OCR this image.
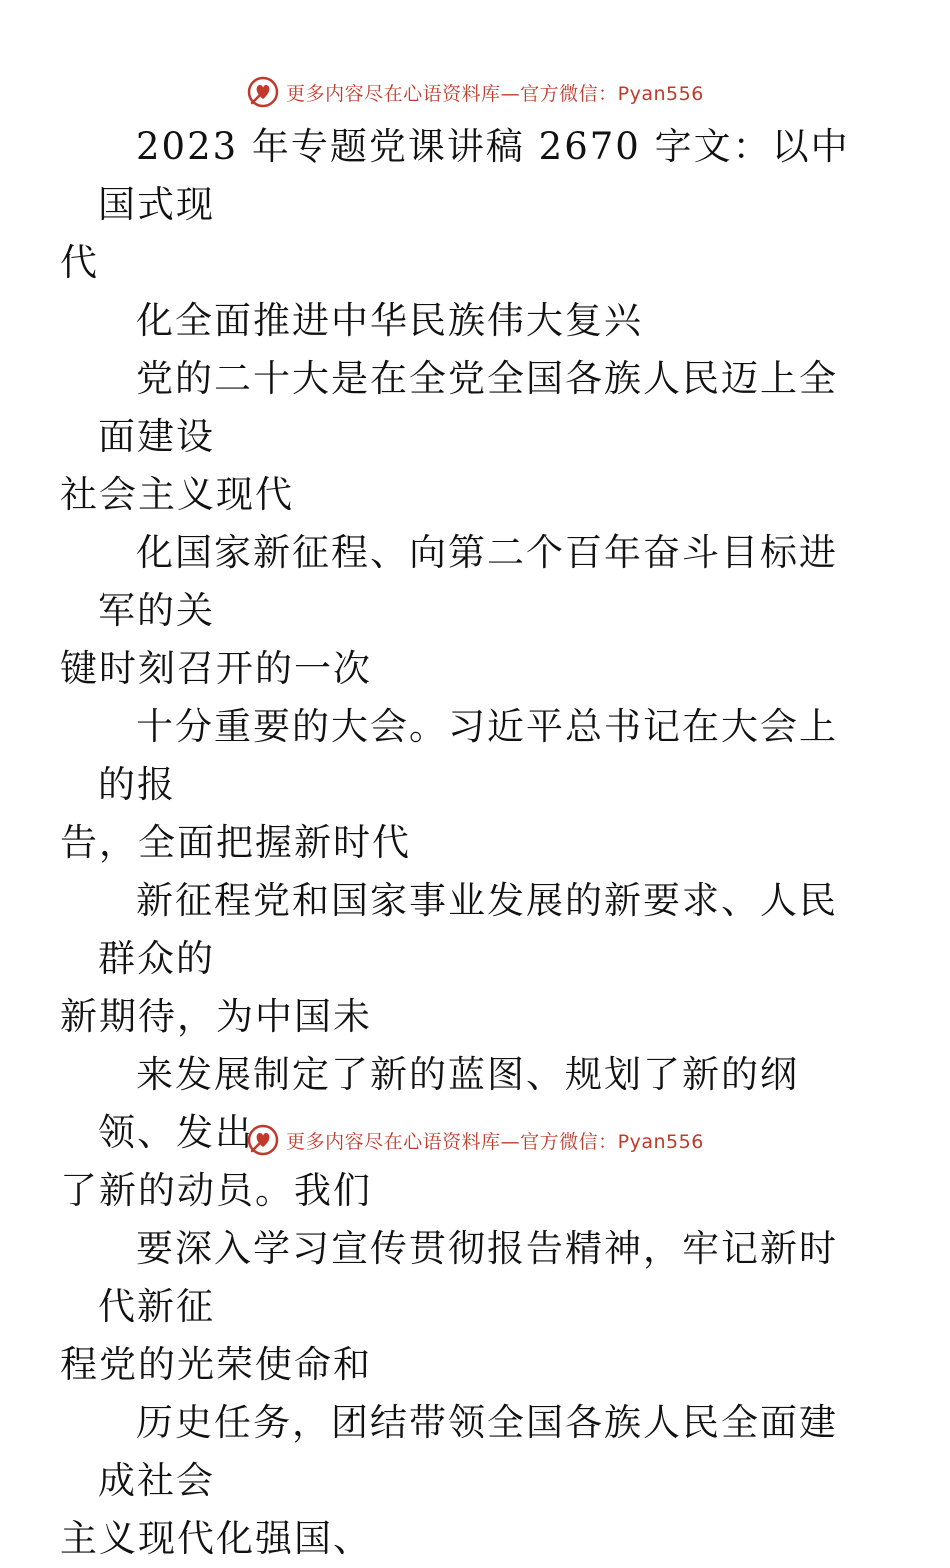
更多内容尽在心语资料库—官方微信：Pyan556

2023 年专题党课讲稿 2670 字文：以中国式现
代

化全面推进中华民族伟大复兴

党的二十大是在全党全国各族人民迈上全面建设
社会主义现代

化国家新征程、向第二个百年奋斗目标进军的关
键时刻召开的一次

十分重要的大会。习近平总书记在大会上的报
告，全面把握新时代

新征程党和国家事业发展的新要求、人民群众的
新期待，为中国未

来发展制定了新的蓝图、规划了新的纲领、发出
了新的动员。我们

要深入学习宣传贯彻报告精神，牢记新时代新征
程党的光荣使命和

历史任务，团结带领全国各族人民全面建成社会
主义现代化强国、

更多内容尽在心语资料库—官方微信：Pyan556
